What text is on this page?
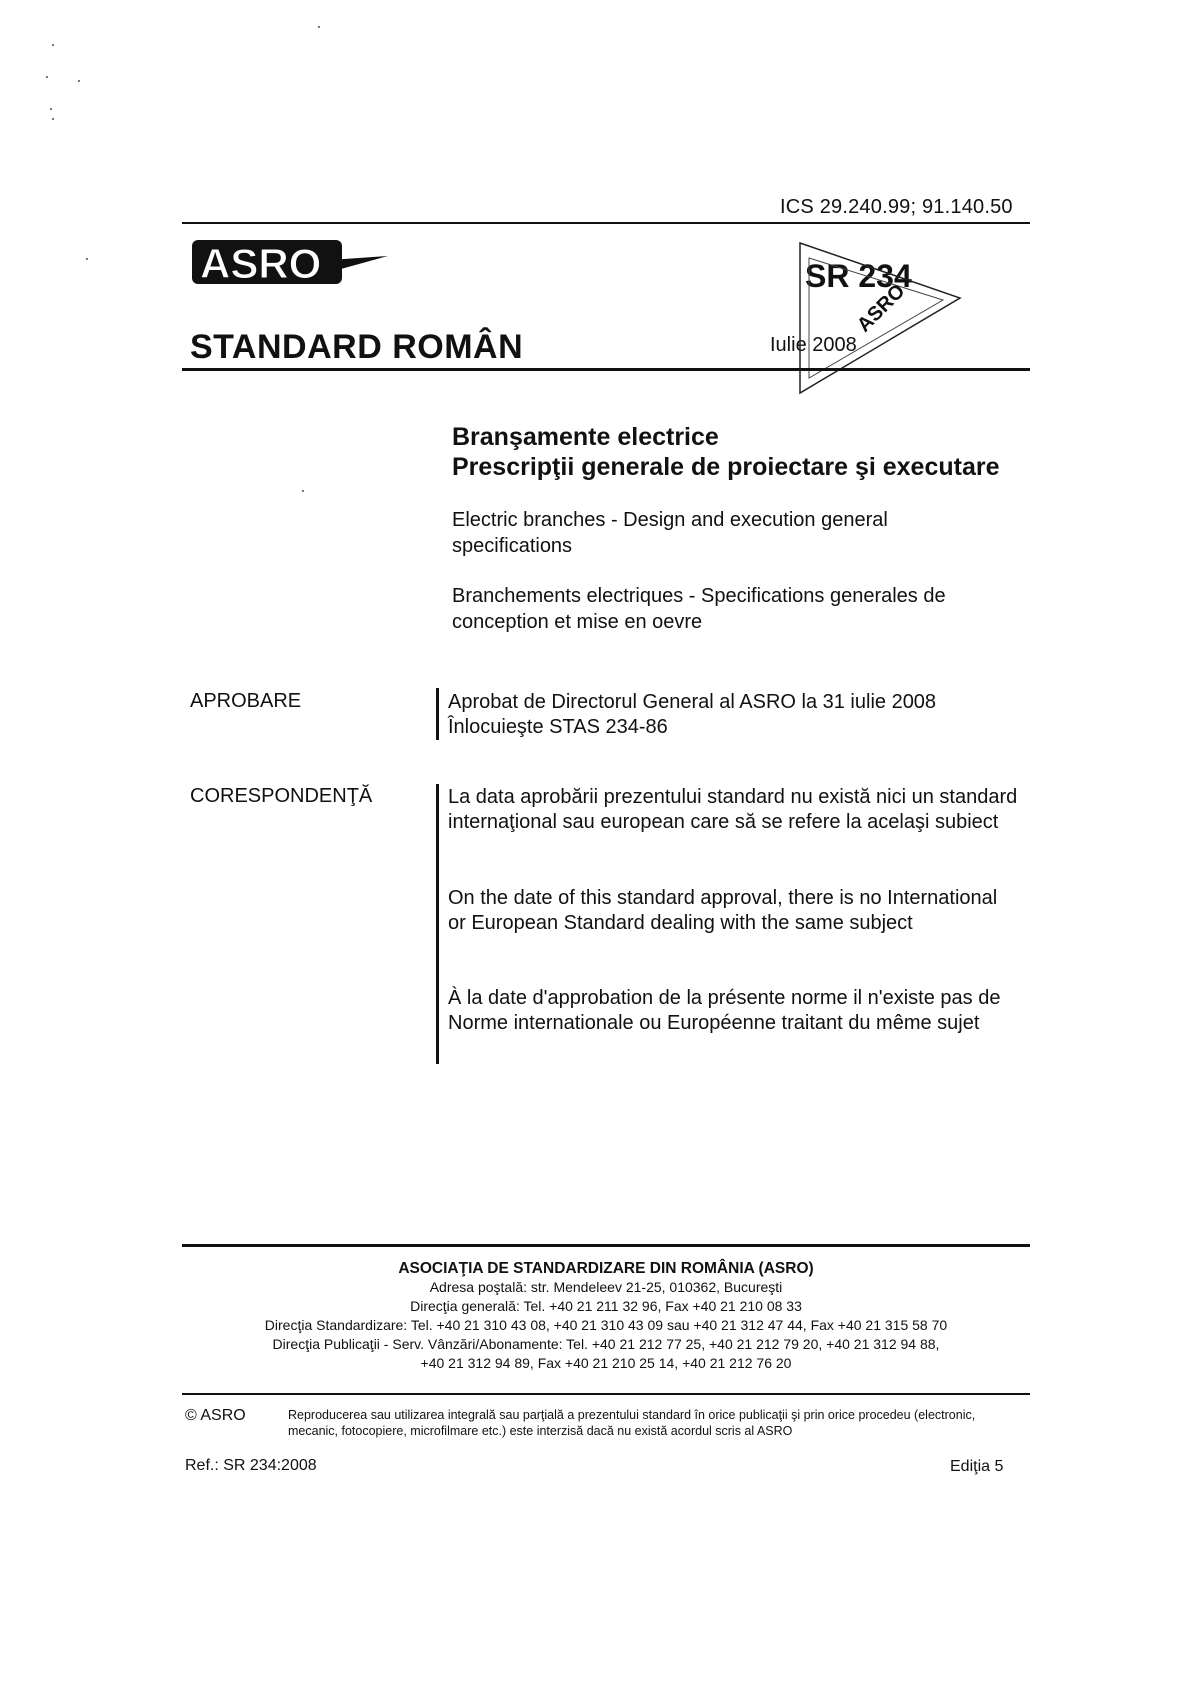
ICS 29.240.99; 91.140.50
ASRO
STANDARD ROMÂN
SR 234
Iulie 2008
ASRO
Branşamente electrice
Prescripţii generale de proiectare şi executare
Electric branches - Design and execution general specifications
Branchements electriques - Specifications generales de conception et mise en oevre
APROBARE	Aprobat de Directorul General al ASRO la 31 iulie 2008
Înlocuieşte STAS 234-86
CORESPONDENŢĂ	La data aprobării prezentului standard nu există nici un standard internaţional sau european care să se refere la acelaşi subiect
On the date of this standard approval, there is no International or European Standard dealing with the same subject
À la date d'approbation de la présente norme il n'existe pas de Norme internationale ou Européenne traitant du même sujet
ASOCIAŢIA DE STANDARDIZARE DIN ROMÂNIA (ASRO)
Adresa poştală: str. Mendeleev 21-25, 010362, Bucureşti
Direcţia generală: Tel. +40 21 211 32 96, Fax +40 21 210 08 33
Direcţia Standardizare: Tel. +40 21 310 43 08, +40 21 310 43 09 sau +40 21 312 47 44, Fax +40 21 315 58 70
Direcţia Publicaţii - Serv. Vânzări/Abonamente: Tel. +40 21 212 77 25, +40 21 212 79 20, +40 21 312 94 88,
+40 21 312 94 89, Fax +40 21 210 25 14, +40 21 212 76 20
© ASRO	Reproducerea sau utilizarea integrală sau parţială a prezentului standard în orice publicaţii şi prin orice procedeu (electronic, mecanic, fotocopiere, microfilmare etc.) este interzisă dacă nu există acordul scris al ASRO
Ref.: SR 234:2008	Ediţia 5
